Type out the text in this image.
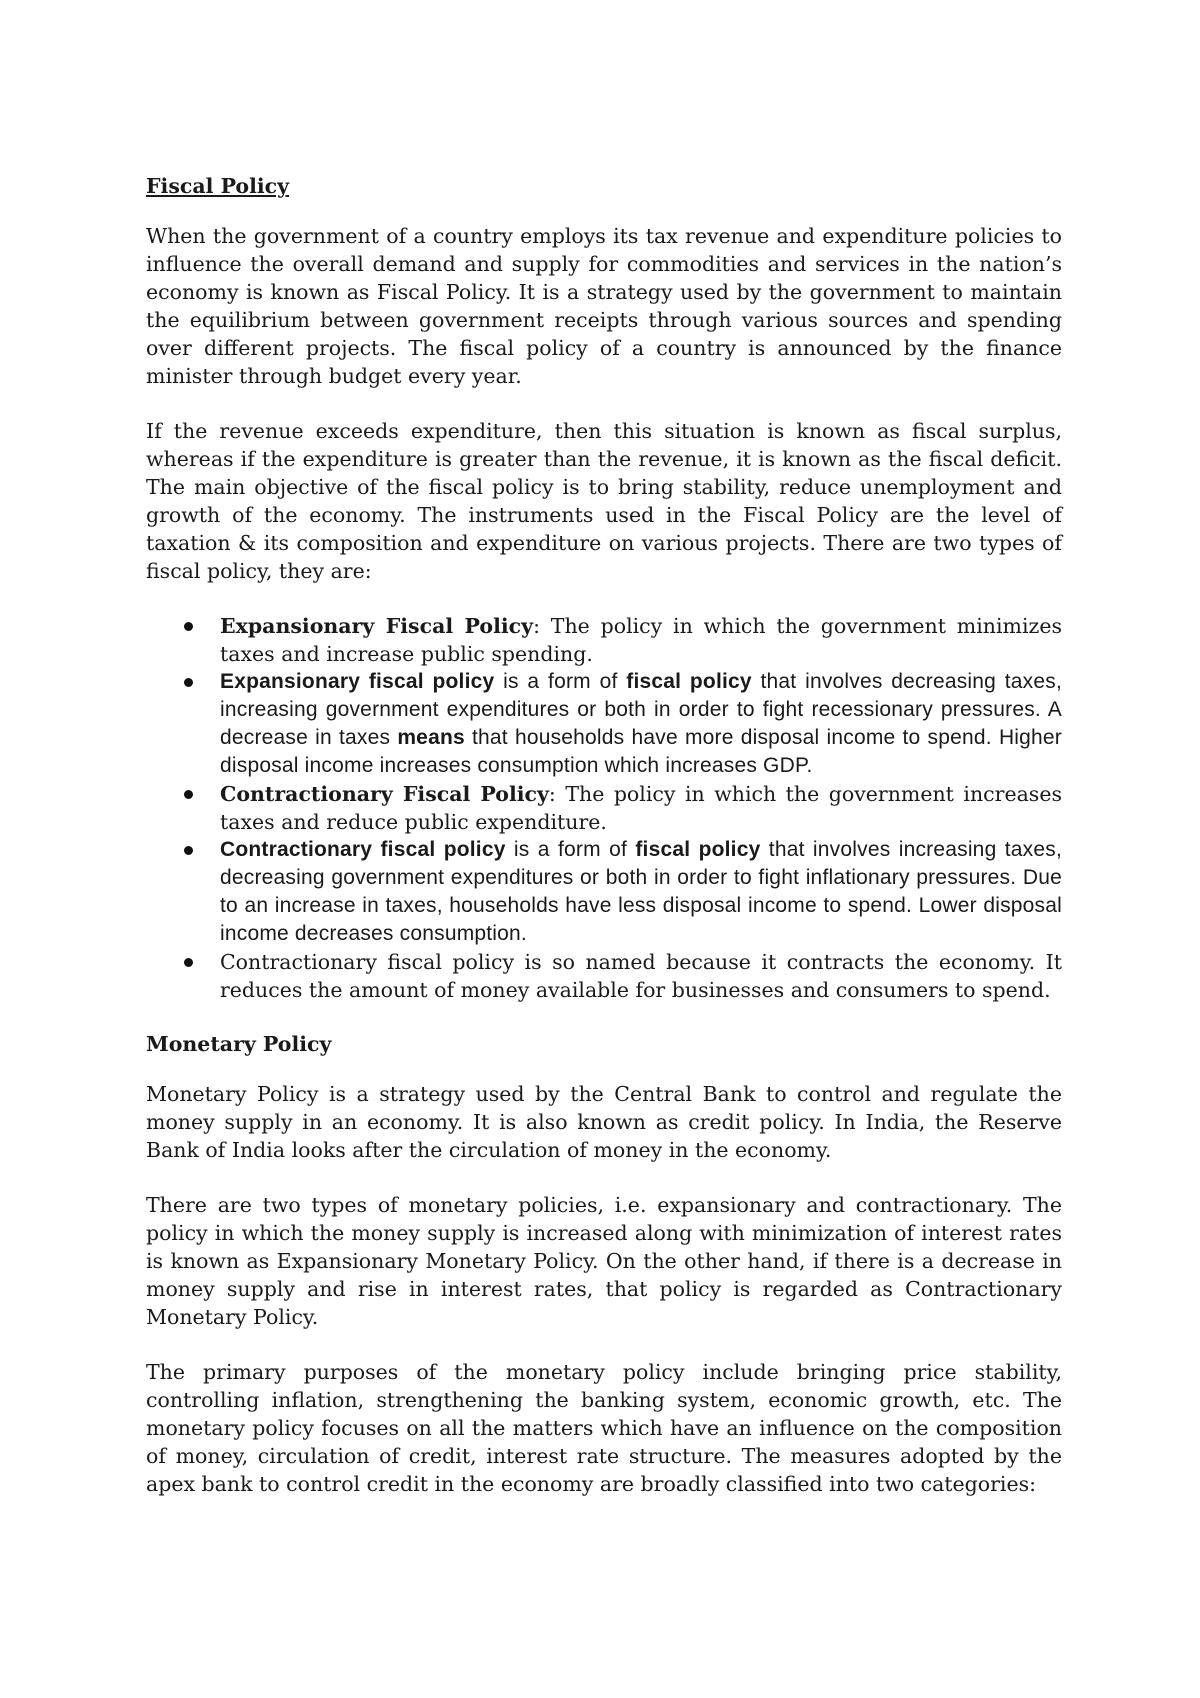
Fiscal Policy

When the government of a country employs its tax revenue and expenditure policies to influence the overall demand and supply for commodities and services in the nation’s economy is known as Fiscal Policy. It is a strategy used by the government to maintain the equilibrium between government receipts through various sources and spending over different projects. The fiscal policy of a country is announced by the finance minister through budget every year.

If the revenue exceeds expenditure, then this situation is known as fiscal surplus, whereas if the expenditure is greater than the revenue, it is known as the fiscal deficit. The main objective of the fiscal policy is to bring stability, reduce unemployment and growth of the economy. The instruments used in the Fiscal Policy are the level of taxation & its composition and expenditure on various projects. There are two types of fiscal policy, they are:

Expansionary Fiscal Policy: The policy in which the government minimizes taxes and increase public spending.
Expansionary fiscal policy is a form of fiscal policy that involves decreasing taxes, increasing government expenditures or both in order to fight recessionary pressures. A decrease in taxes means that households have more disposal income to spend. Higher disposal income increases consumption which increases GDP.
Contractionary Fiscal Policy: The policy in which the government increases taxes and reduce public expenditure.
Contractionary fiscal policy is a form of fiscal policy that involves increasing taxes, decreasing government expenditures or both in order to fight inflationary pressures. Due to an increase in taxes, households have less disposal income to spend. Lower disposal income decreases consumption.
Contractionary fiscal policy is so named because it contracts the economy. It reduces the amount of money available for businesses and consumers to spend.
Monetary Policy

Monetary Policy is a strategy used by the Central Bank to control and regulate the money supply in an economy. It is also known as credit policy. In India, the Reserve Bank of India looks after the circulation of money in the economy.

There are two types of monetary policies, i.e. expansionary and contractionary. The policy in which the money supply is increased along with minimization of interest rates is known as Expansionary Monetary Policy. On the other hand, if there is a decrease in money supply and rise in interest rates, that policy is regarded as Contractionary Monetary Policy.

The primary purposes of the monetary policy include bringing price stability, controlling inflation, strengthening the banking system, economic growth, etc. The monetary policy focuses on all the matters which have an influence on the composition of money, circulation of credit, interest rate structure. The measures adopted by the apex bank to control credit in the economy are broadly classified into two categories:
